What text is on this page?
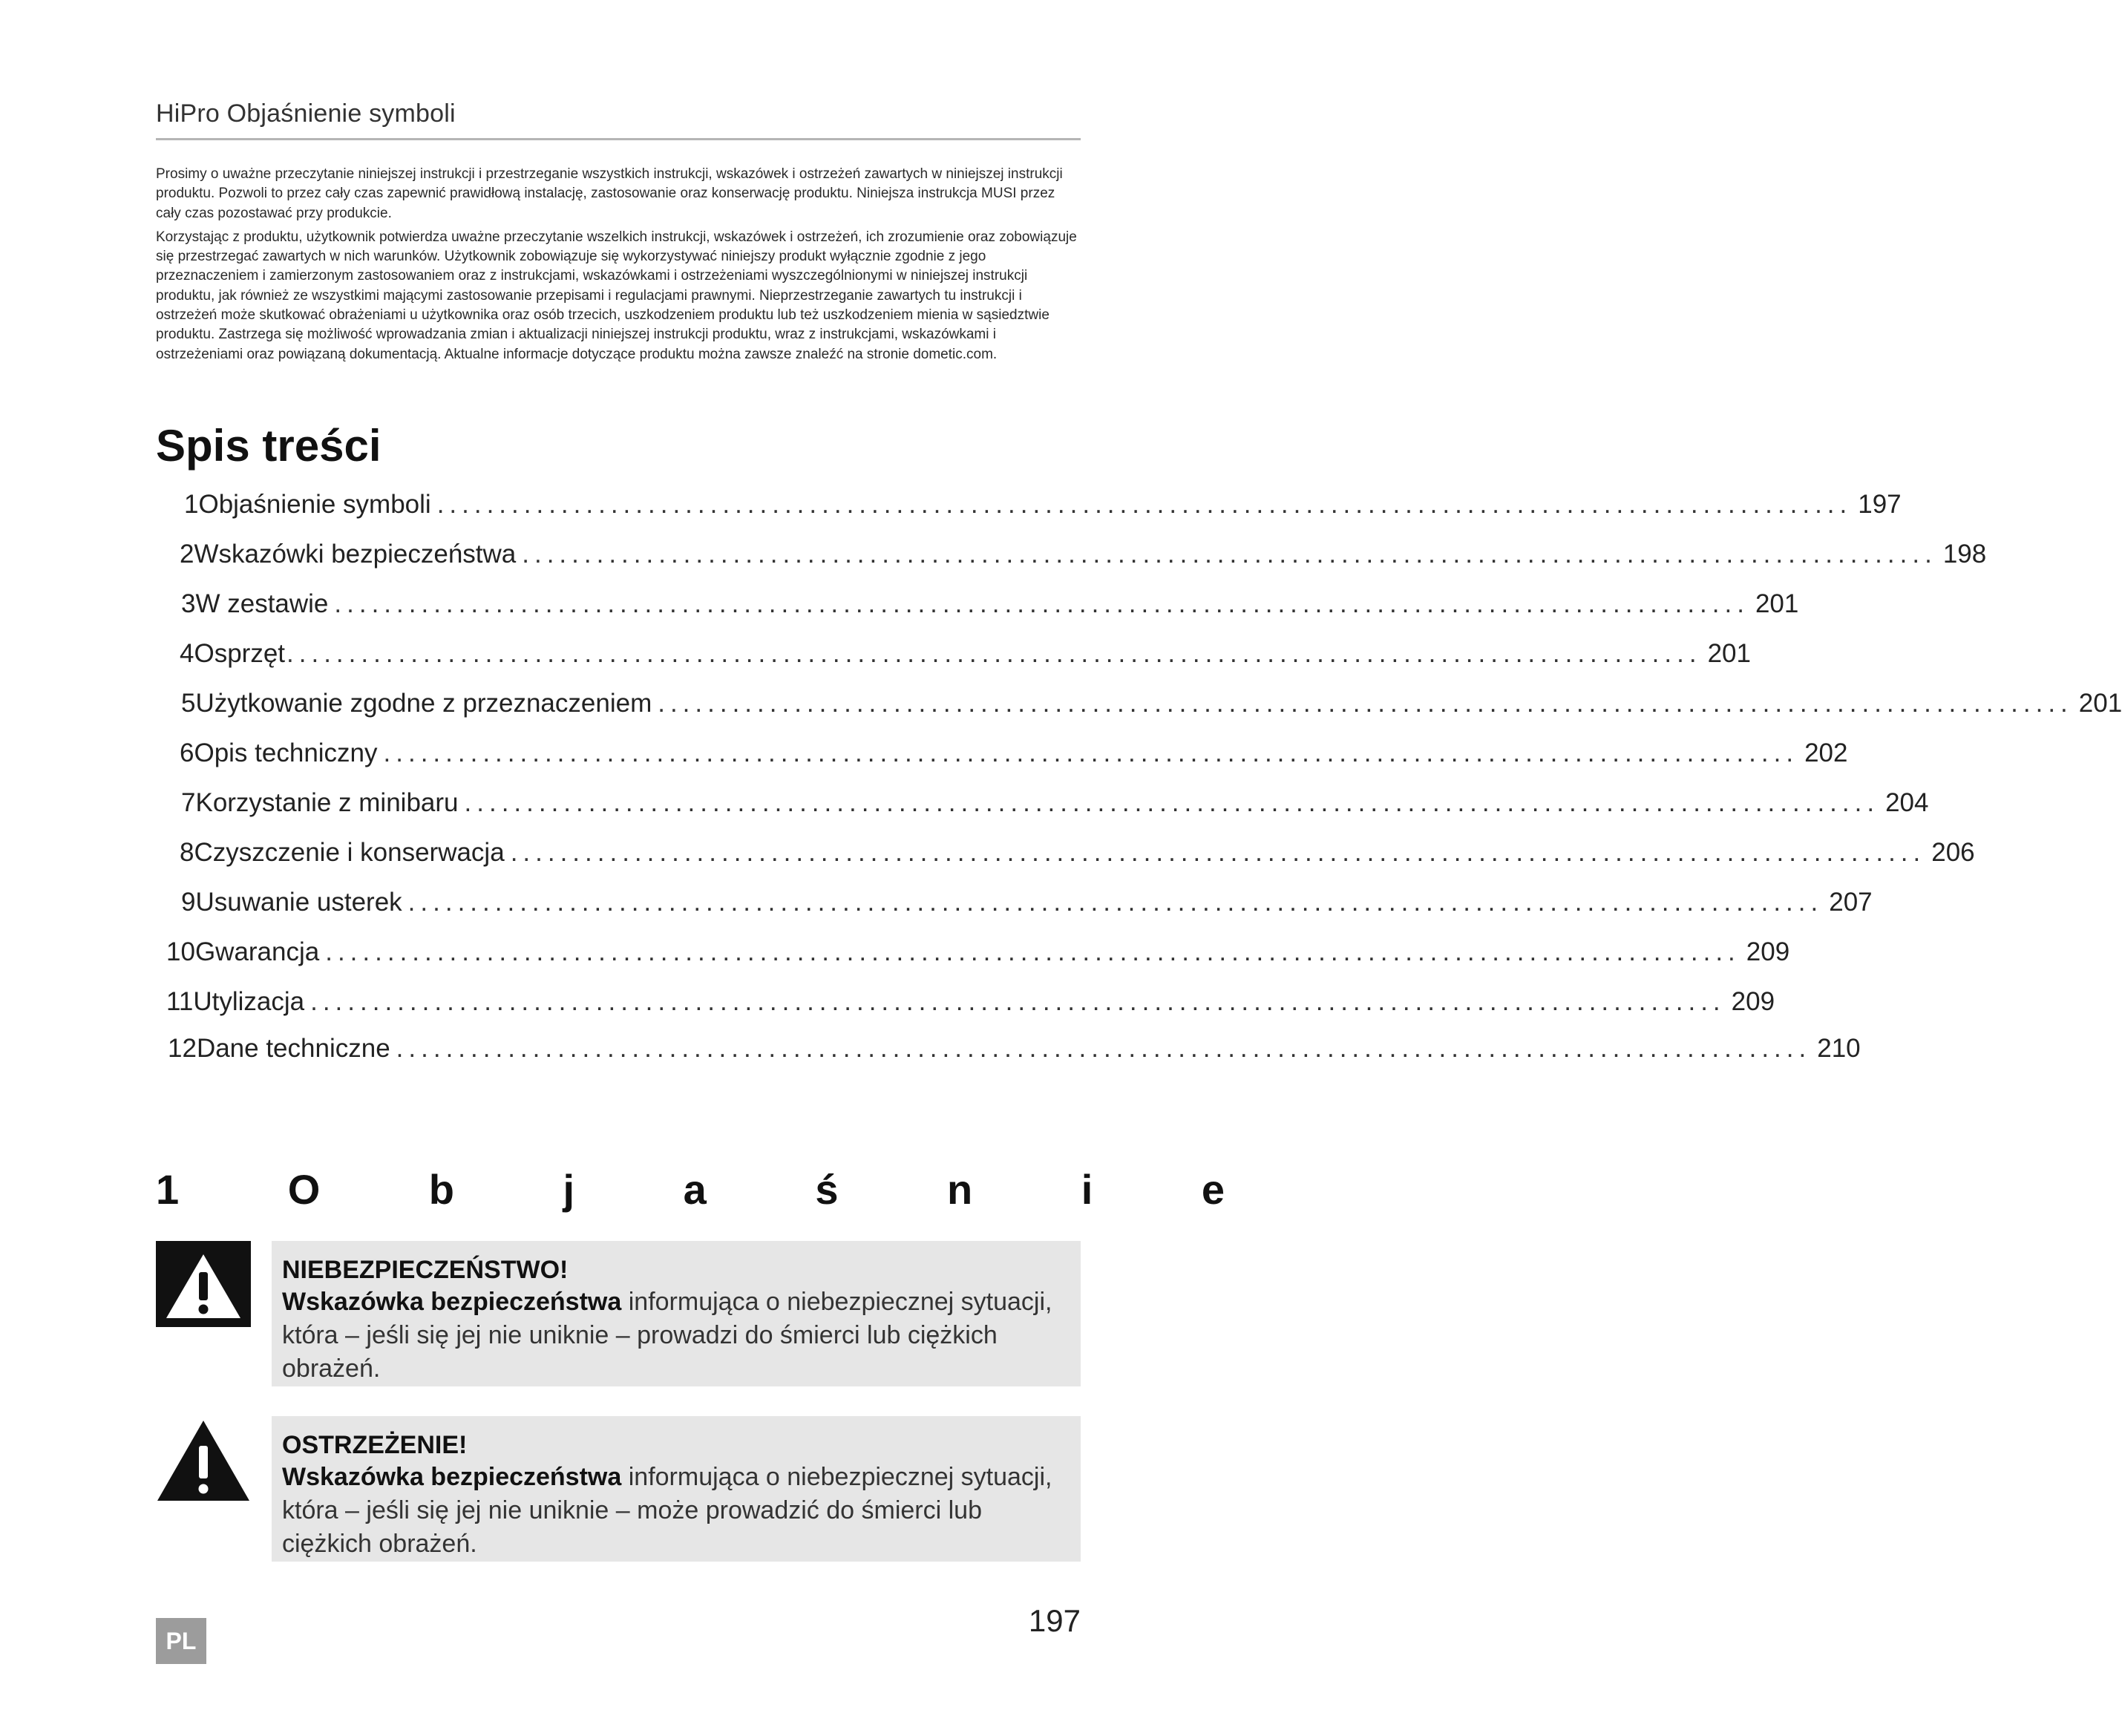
HiPro Objaśnienie symboli

Prosimy o uważne przeczytanie niniejszej instrukcji i przestrzeganie wszystkich instrukcji, wskazówek i ostrzeżeń zawartych w niniejszej instrukcji produktu. Pozwoli to przez cały czas zapewnić prawidłową instalację, zastosowanie oraz konserwację produktu. Niniejsza instrukcja MUSI przez cały czas pozostawać przy produkcie.

Korzystając z produktu, użytkownik potwierdza uważne przeczytanie wszelkich instrukcji, wskazówek i ostrzeżeń, ich zrozumienie oraz zobowiązuje się przestrzegać zawartych w nich warunków. Użytkownik zobowiązuje się wykorzystywać niniejszy produkt wyłącznie zgodnie z jego przeznaczeniem i zamierzonym zastosowaniem oraz z instrukcjami, wskazówkami i ostrzeżeniami wyszczególnionymi w niniejszej instrukcji produktu, jak również ze wszystkimi mającymi zastosowanie przepisami i regulacjami prawnymi. Nieprzestrzeganie zawartych tu instrukcji i ostrzeżeń może skutkować obrażeniami u użytkownika oraz osób trzecich, uszkodzeniem produktu lub też uszkodzeniem mienia w sąsiedztwie produktu. Zastrzega się możliwość wprowadzania zmian i aktualizacji niniejszej instrukcji produktu, wraz z instrukcjami, wskazówkami i ostrzeżeniami oraz powiązaną dokumentacją. Aktualne informacje dotyczące produktu można zawsze znaleźć na stronie dometic.com.

Spis treści
1 Objaśnienie symboli .................................................................................................................. 197
2 Wskazówki bezpieczeństwa .................................................................................................................. 198
3 W zestawie .................................................................................................................. 201
4 Osprzęt .................................................................................................................. 201
5 Użytkowanie zgodne z przeznaczeniem .................................................................................................................. 201
6 Opis techniczny .................................................................................................................. 202
7 Korzystanie z minibaru .................................................................................................................. 204
8 Czyszczenie i konserwacja .................................................................................................................. 206
9 Usuwanie usterek .................................................................................................................. 207
10 Gwarancja .................................................................................................................. 209
11 Utylizacja .................................................................................................................. 209
12 Dane techniczne .................................................................................................................. 210
1	O	b	j	a	ś	n	i	e
NIEBEZPIECZEŃSTWO!
Wskazówka bezpieczeństwa informująca o niebezpiecznej sytuacji, która – jeśli się jej nie uniknie – prowadzi do śmierci lub ciężkich obrażeń.
OSTRZEŻENIE!
Wskazówka bezpieczeństwa informująca o niebezpiecznej sytuacji, która – jeśli się jej nie uniknie – może prowadzić do śmierci lub ciężkich obrażeń.
PL
197
